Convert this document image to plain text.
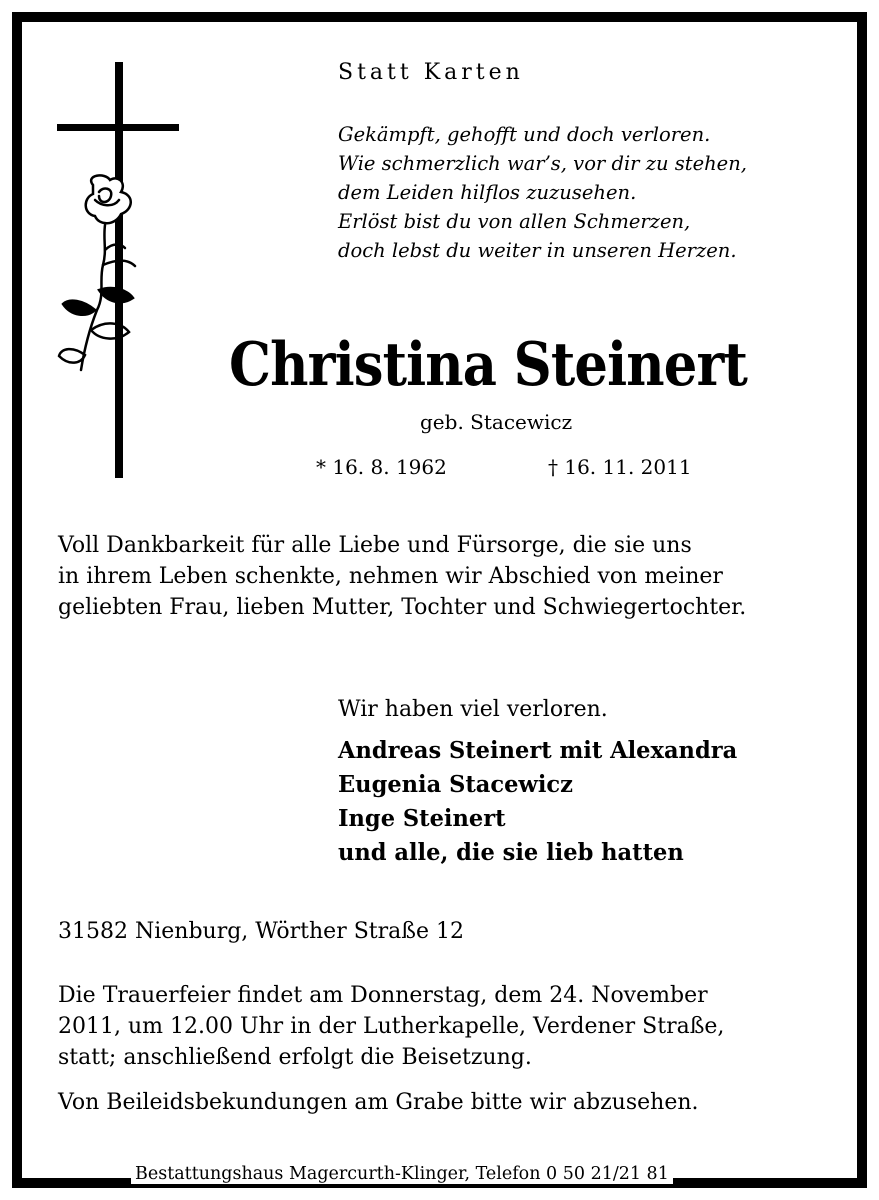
Statt Karten
Gekämpft, gehofft und doch verloren.
Wie schmerzlich war’s, vor dir zu stehen,
dem Leiden hilflos zuzusehen.
Erlöst bist du von allen Schmerzen,
doch lebst du weiter in unseren Herzen.
Christina Steinert
geb. Stacewicz
* 16. 8. 1962	† 16. 11. 2011
Voll Dankbarkeit für alle Liebe und Fürsorge, die sie uns
in ihrem Leben schenkte, nehmen wir Abschied von meiner
geliebten Frau, lieben Mutter, Tochter und Schwiegertochter.
Wir haben viel verloren.
Andreas Steinert mit Alexandra
Eugenia Stacewicz
Inge Steinert
und alle, die sie lieb hatten
31582 Nienburg, Wörther Straße 12
Die Trauerfeier findet am Donnerstag, dem 24. November
2011, um 12.00 Uhr in der Lutherkapelle, Verdener Straße,
statt; anschließend erfolgt die Beisetzung.
Von Beileidsbekundungen am Grabe bitte wir abzusehen.
Bestattungshaus Magercurth-Klinger, Telefon 0 50 21/21 81
